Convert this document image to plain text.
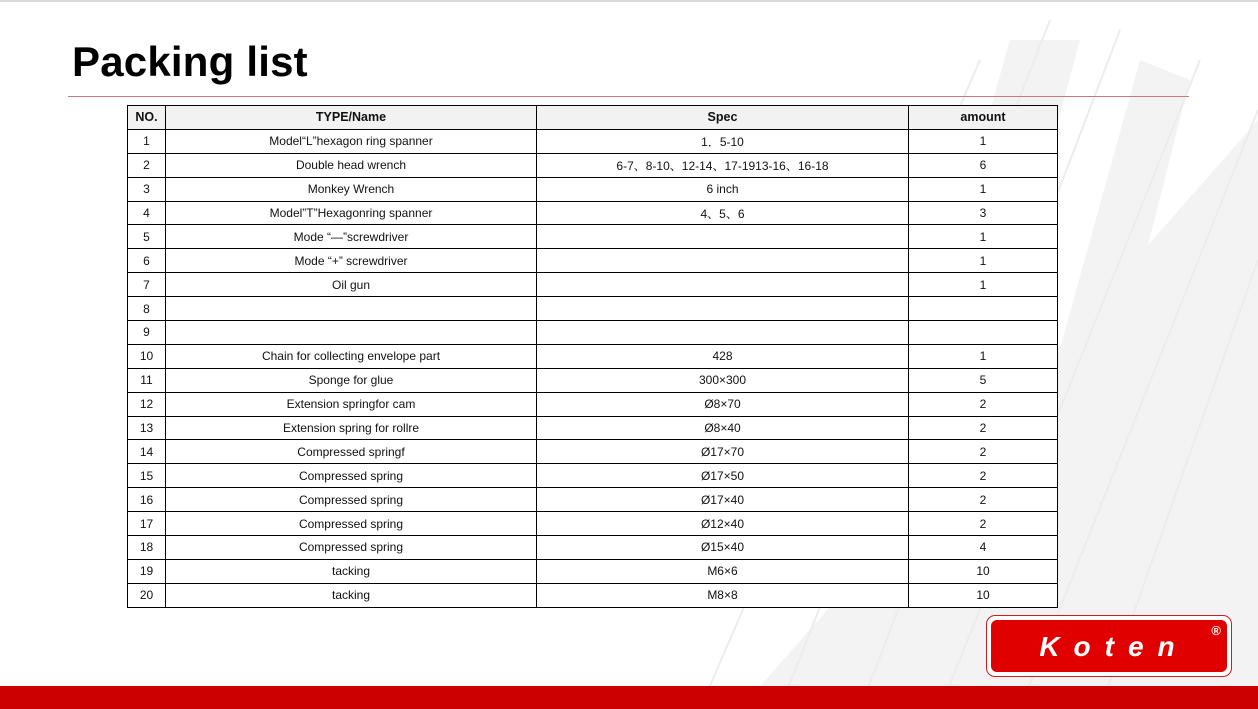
Packing list
NO.	TYPE/Name	Spec	amount
1	Model“L”hexagon ring spanner	1．5-10	1
2	Double head wrench	6-7、8-10、12-14、17-1913-16、16-18	6
3	Monkey Wrench	6 inch	1
4	Model”T”Hexagonring spanner	4、5、6	3
5	Mode “—”screwdriver		1
6	Mode “+” screwdriver		1
7	Oil gun		1
8			
9			
10	Chain for collecting envelope part	428	1
11	Sponge for glue	300×300	5
12	Extension springfor cam	Ø8×70	2
13	Extension spring for rollre	Ø8×40	2
14	Compressed springf	Ø17×70	2
15	Compressed spring	Ø17×50	2
16	Compressed spring	Ø17×40	2
17	Compressed spring	Ø12×40	2
18	Compressed spring	Ø15×40	4
19	tacking	M6×6	10
20	tacking	M8×8	10
Koten
®
